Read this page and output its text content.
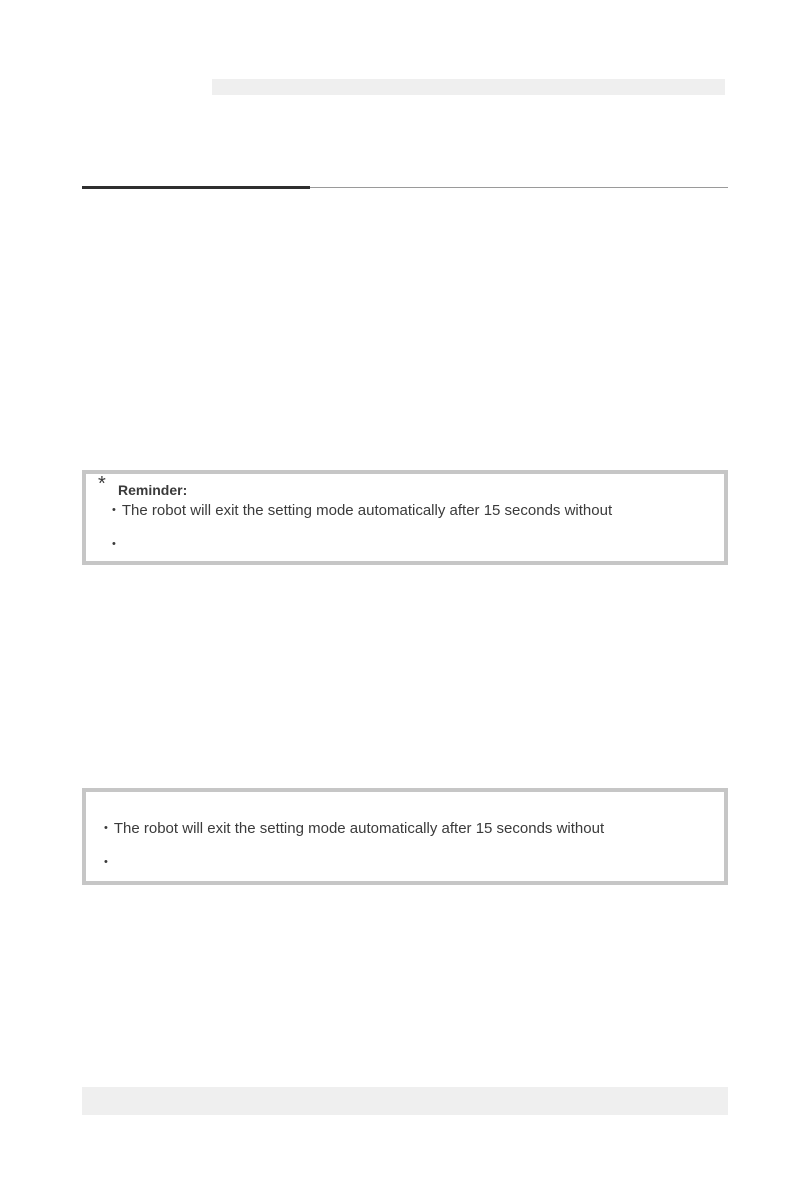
* Reminder:
• The robot will exit the setting mode automatically after 15 seconds without
•
• The robot will exit the setting mode automatically after 15 seconds without
•
